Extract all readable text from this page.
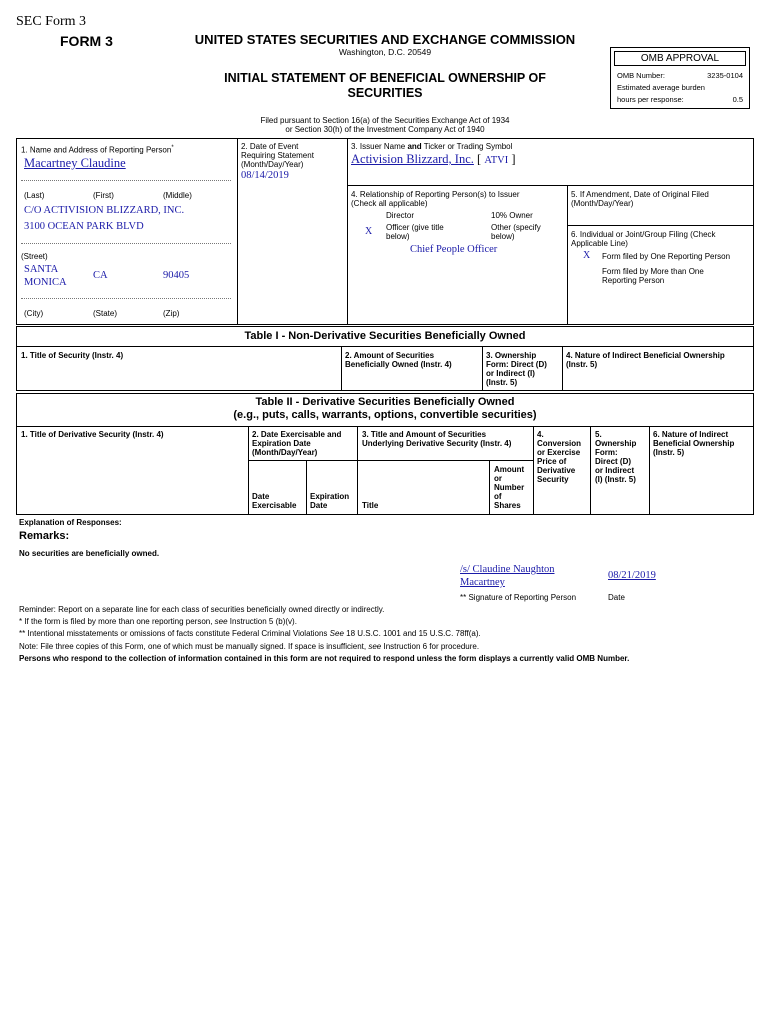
SEC Form 3
FORM 3	UNITED STATES SECURITIES AND EXCHANGE COMMISSION
Washington, D.C. 20549
INITIAL STATEMENT OF BENEFICIAL OWNERSHIP OF
SECURITIES
Filed pursuant to Section 16(a) of the Securities Exchange Act of 1934
or Section 30(h) of the Investment Company Act of 1940
OMB APPROVAL
OMB Number:	3235-0104
Estimated average burden
hours per response:	0.5
1. Name and Address of Reporting Person*
Macartney Claudine
(Last)	(First)	(Middle)
C/O ACTIVISION BLIZZARD, INC.
3100 OCEAN PARK BLVD
(Street)
SANTA
MONICA
CA	90405
(City)	(State)	(Zip)
2. Date of Event
Requiring Statement
(Month/Day/Year)
08/14/2019
3. Issuer Name and Ticker or Trading Symbol
Activision Blizzard, Inc. [ ATVI ]
4. Relationship of Reporting Person(s) to Issuer
(Check all applicable)
Director	10% Owner
X Officer (give title
below)
Other (specify
below)
Chief People Officer
5. If Amendment, Date of Original Filed
(Month/Day/Year)
6. Individual or Joint/Group Filing (Check
Applicable Line)
X Form filed by One Reporting Person
Form filed by More than One
Reporting Person
Table I - Non-Derivative Securities Beneficially Owned
1. Title of Security (Instr. 4)	2. Amount of Securities
Beneficially Owned (Instr. 4)
3. Ownership
Form: Direct (D)
or Indirect (I)
(Instr. 5)
4. Nature of Indirect Beneficial Ownership
(Instr. 5)
Table II - Derivative Securities Beneficially Owned
(e.g., puts, calls, warrants, options, convertible securities)
1. Title of Derivative Security (Instr. 4)	2. Date Exercisable and
Expiration Date
(Month/Day/Year)
3. Title and Amount of Securities
Underlying Derivative Security (Instr. 4)
4.
Conversion
or Exercise
Price of
Derivative
Security
5.
Ownership
Form:
Direct (D)
or Indirect
(I) (Instr. 5)
6. Nature of Indirect
Beneficial Ownership
(Instr. 5)
Date
Exercisable
Expiration
Date	Title
Amount
or
Number
of
Shares
Explanation of Responses:
Remarks:
No securities are beneficially owned.
/s/ Claudine Naughton
Macartney
08/21/2019
** Signature of Reporting Person	Date
Reminder: Report on a separate line for each class of securities beneficially owned directly or indirectly.
* If the form is filed by more than one reporting person, see Instruction 5 (b)(v).
** Intentional misstatements or omissions of facts constitute Federal Criminal Violations See 18 U.S.C. 1001 and 15 U.S.C. 78ff(a).
Note: File three copies of this Form, one of which must be manually signed. If space is insufficient, see Instruction 6 for procedure.
Persons who respond to the collection of information contained in this form are not required to respond unless the form displays a currently valid OMB Number.
